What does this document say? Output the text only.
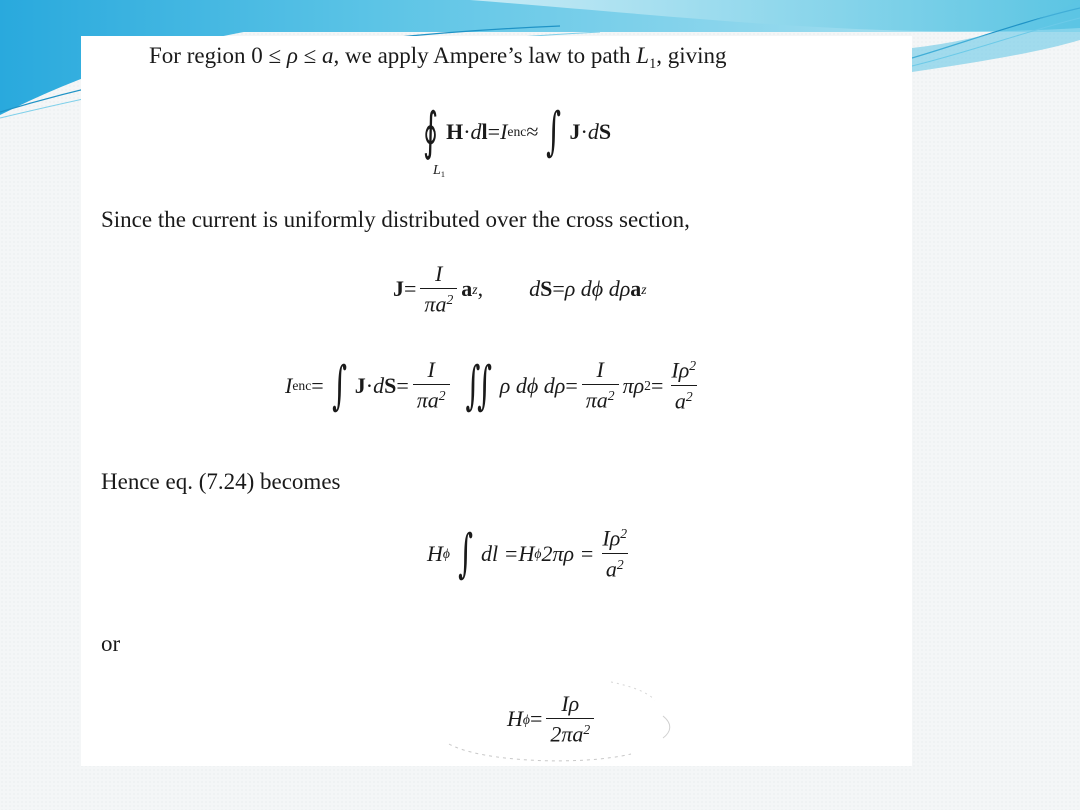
For region 0 ≤ ρ ≤ a, we apply Ampere’s law to path $L_1$, giving
∮ H · d l = I enc ≈ ∫ J · d S
$L_1$
Since the current is uniformly distributed over the cross section,
$J = \frac{I}{\pi a^2}$ a z , d S = ρ dϕ dρ a z
I enc = ∫ J · d $S = \frac{I}{\pi a^2}$ ∫∫ ρ dϕ $d\rho = \frac{I}{\pi a^2}$ πρ $2 = \frac{I\rho^2}{a^2}$
Hence eq. (7.24) becomes
H ϕ ∫ dl = H ϕ $2\pi\rho = \frac{I\rho^2}{a^2}$
or
H $\phi = \frac{I\rho}{2\pi a^2}$
